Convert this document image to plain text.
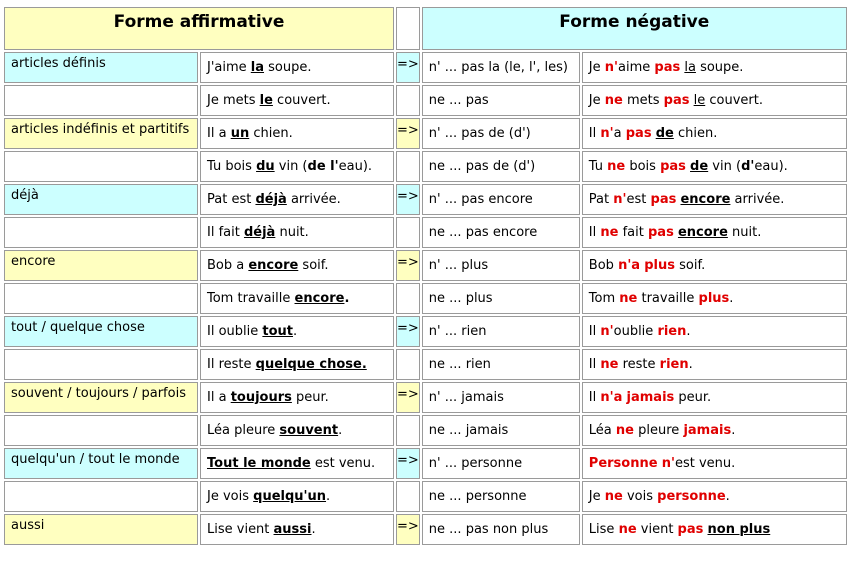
Forme affirmative			Forme négative	

articles définis	J'aime la soupe.	=>	n' ... pas la (le, l', les)	Je n'aime pas la soupe.
	Je mets le couvert.		ne ... pas	Je ne mets pas le couvert.
articles indéfinis et partitifs	Il a un chien.	=>	n' ... pas de (d')	Il n'a pas de chien.
	Tu bois du vin (de l'eau).		ne ... pas de (d')	Tu ne bois pas de vin (d'eau).
déjà	Pat est déjà arrivée.	=>	n' ... pas encore	Pat n'est pas encore arrivée.
	Il fait déjà nuit.		ne ... pas encore	Il ne fait pas encore nuit.
encore	Bob a encore soif.	=>	n' ... plus	Bob n'a plus soif.
	Tom travaille encore.		ne ... plus	Tom ne travaille plus.
tout / quelque chose	Il oublie tout.	=>	n' ... rien	Il n'oublie rien.
	Il reste quelque chose.		ne ... rien	Il ne reste rien.
souvent / toujours / parfois	Il a toujours peur.	=>	n' ... jamais	Il n'a jamais peur.
	Léa pleure souvent.		ne ... jamais	Léa ne pleure jamais.
quelqu'un / tout le monde	Tout le monde est venu.	=>	n' ... personne	Personne n'est venu.
	Je vois quelqu'un.		ne ... personne	Je ne vois personne.
aussi	Lise vient aussi.	=>	ne ... pas non plus	Lise ne vient pas non plus
